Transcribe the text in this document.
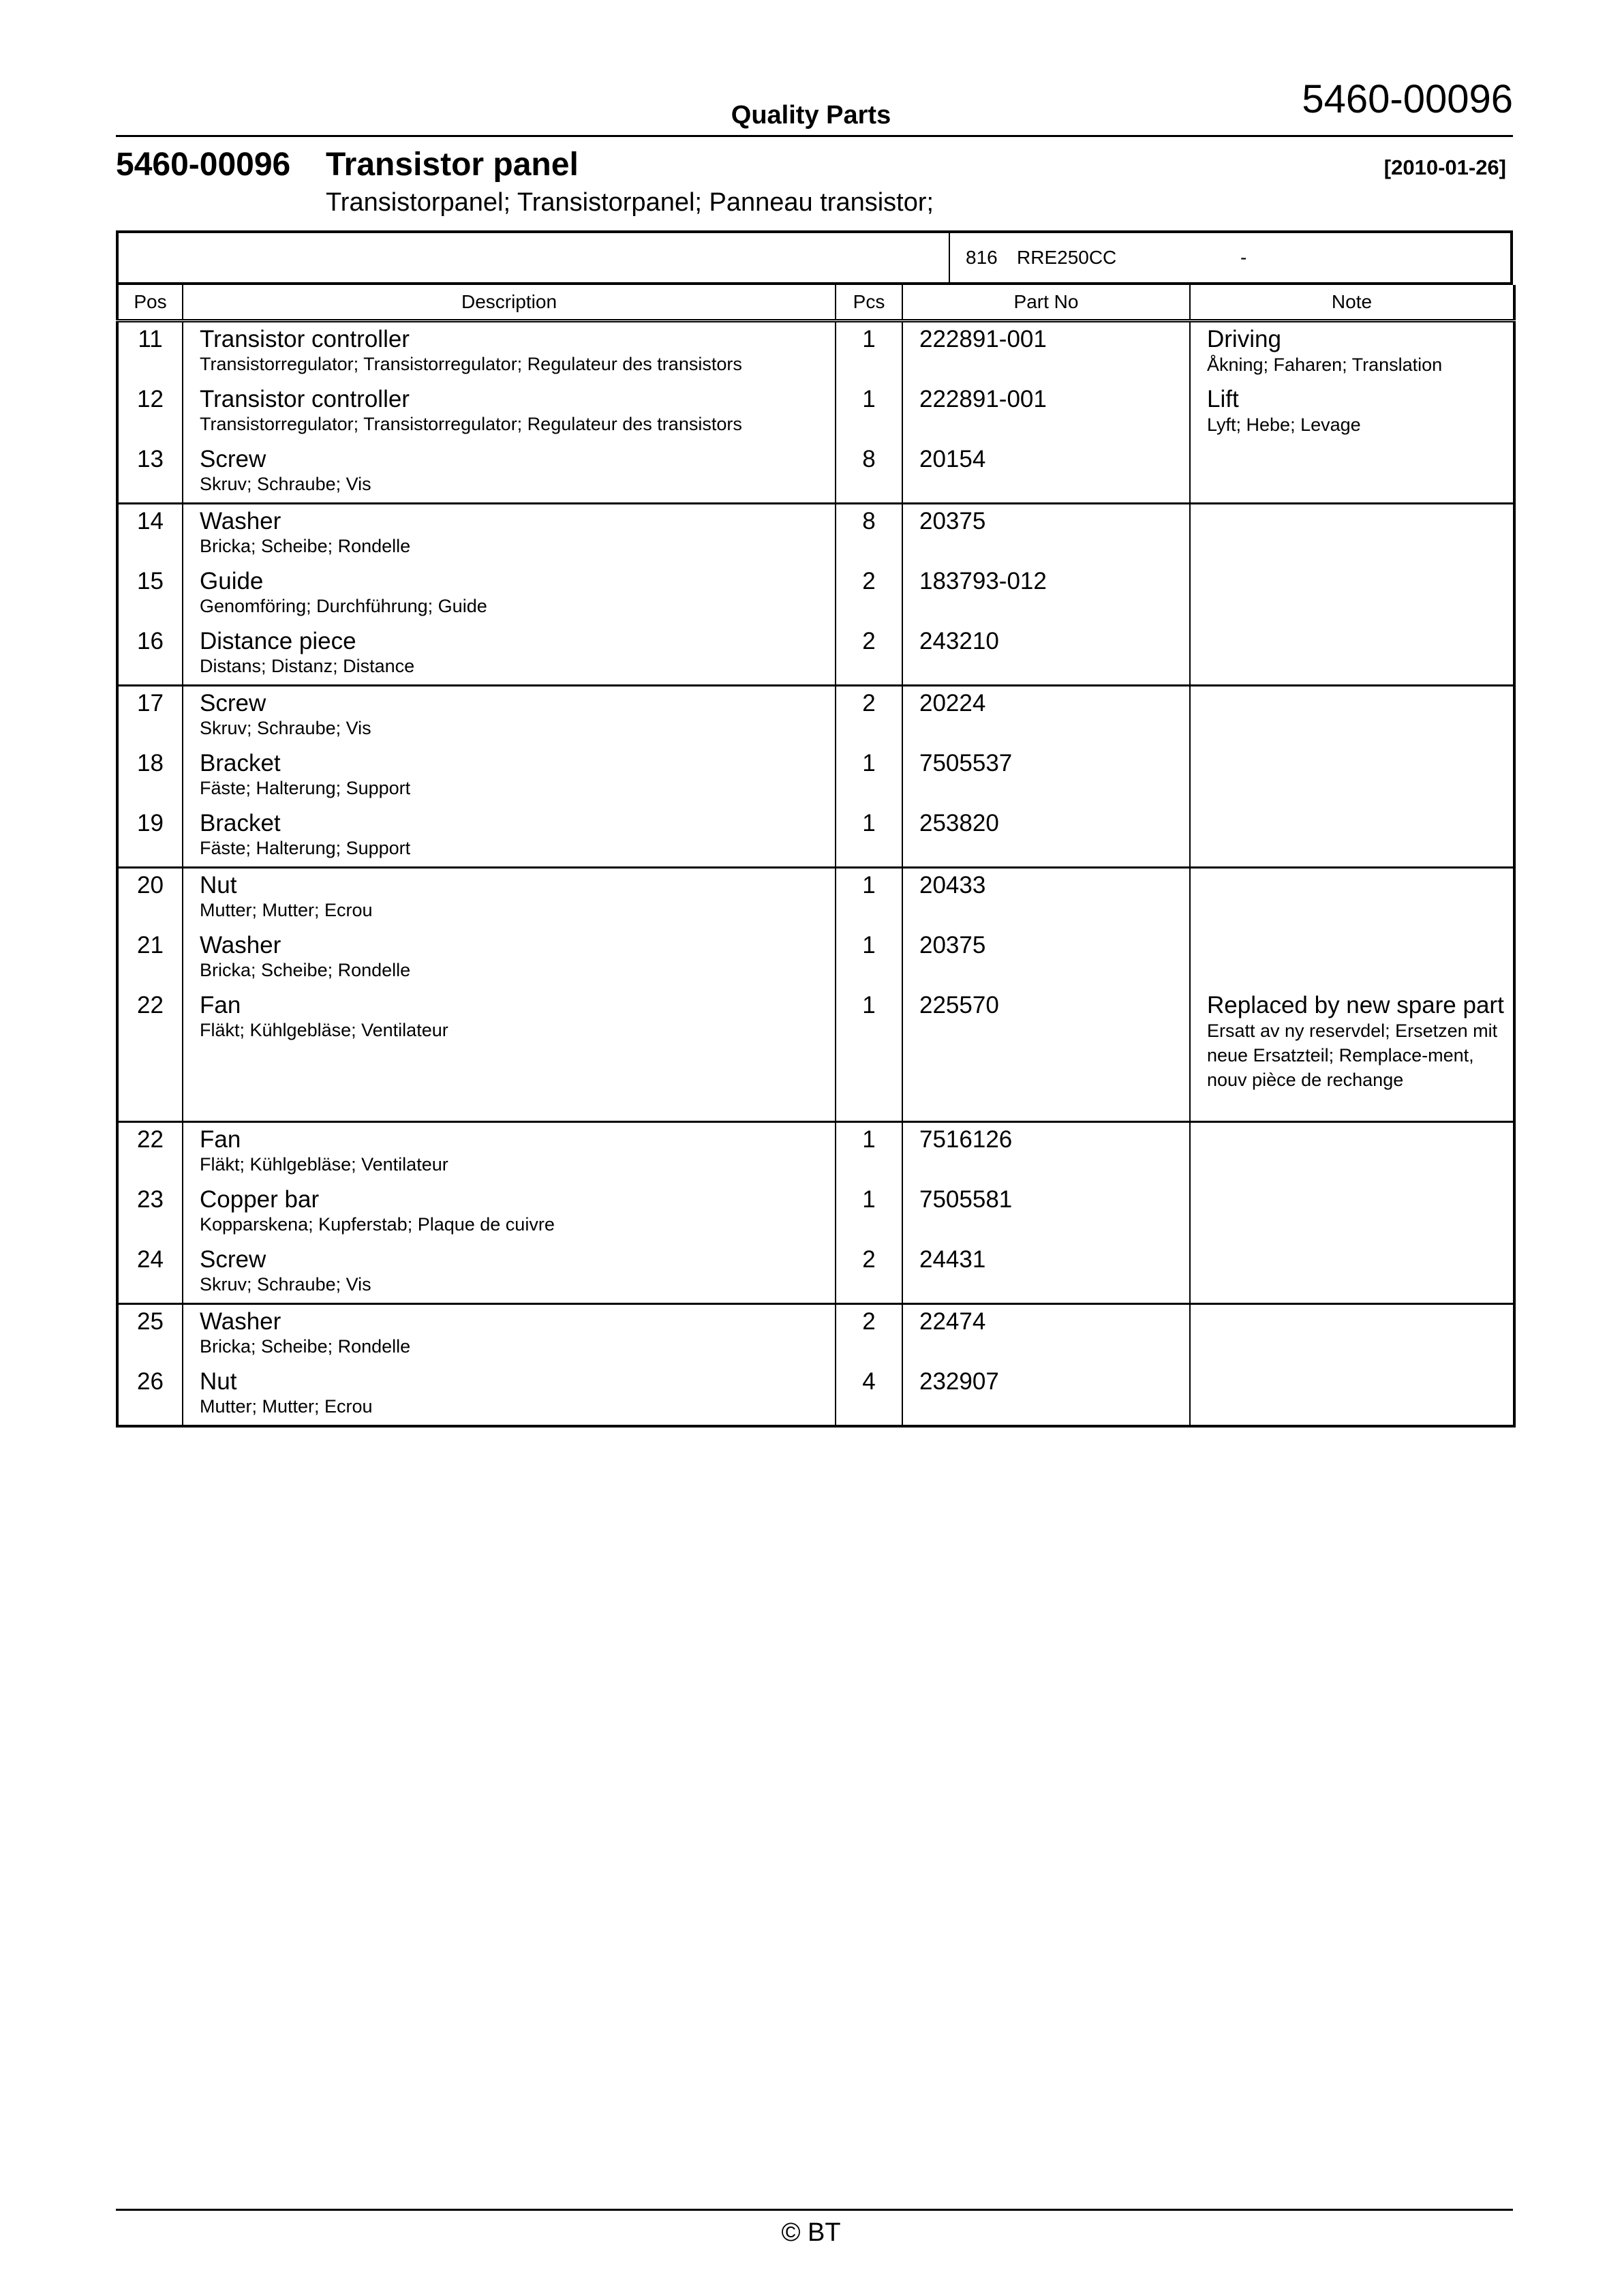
Quality Parts	5460-00096
5460-00096 Transistor panel	[2010-01-26]
Transistorpanel; Transistorpanel; Panneau transistor;
816 RRE250CC	-
Pos	Description	Pcs	Part No	Note

11	Transistor controller
Transistorregulator; Transistorregulator; Regulateur des transistors	1	222891-001	Driving
Åkning; Faharen; Translation

12	Transistor controller
Transistorregulator; Transistorregulator; Regulateur des transistors	1	222891-001	Lift
Lyft; Hebe; Levage

13	Screw
Skruv; Schraube; Vis	8	20154	

14	Washer
Bricka; Scheibe; Rondelle	8	20375	

15	Guide
Genomföring; Durchführung; Guide	2	183793-012	

16	Distance piece
Distans; Distanz; Distance	2	243210	

17	Screw
Skruv; Schraube; Vis	2	20224	

18	Bracket
Fäste; Halterung; Support	1	7505537	

19	Bracket
Fäste; Halterung; Support	1	253820	

20	Nut
Mutter; Mutter; Ecrou	1	20433	

21	Washer
Bricka; Scheibe; Rondelle	1	20375	

22	Fan
Fläkt; Kühlgebläse; Ventilateur	1	225570	Replaced by new spare part
Ersatt av ny reservdel; Ersetzen mit neue Ersatzteil; Remplace-ment, nouv pièce de rechange

22	Fan
Fläkt; Kühlgebläse; Ventilateur	1	7516126	

23	Copper bar
Kopparskena; Kupferstab; Plaque de cuivre	1	7505581	

24	Screw
Skruv; Schraube; Vis	2	24431	

25	Washer
Bricka; Scheibe; Rondelle	2	22474	

26	Nut
Mutter; Mutter; Ecrou	4	232907	

© BT
